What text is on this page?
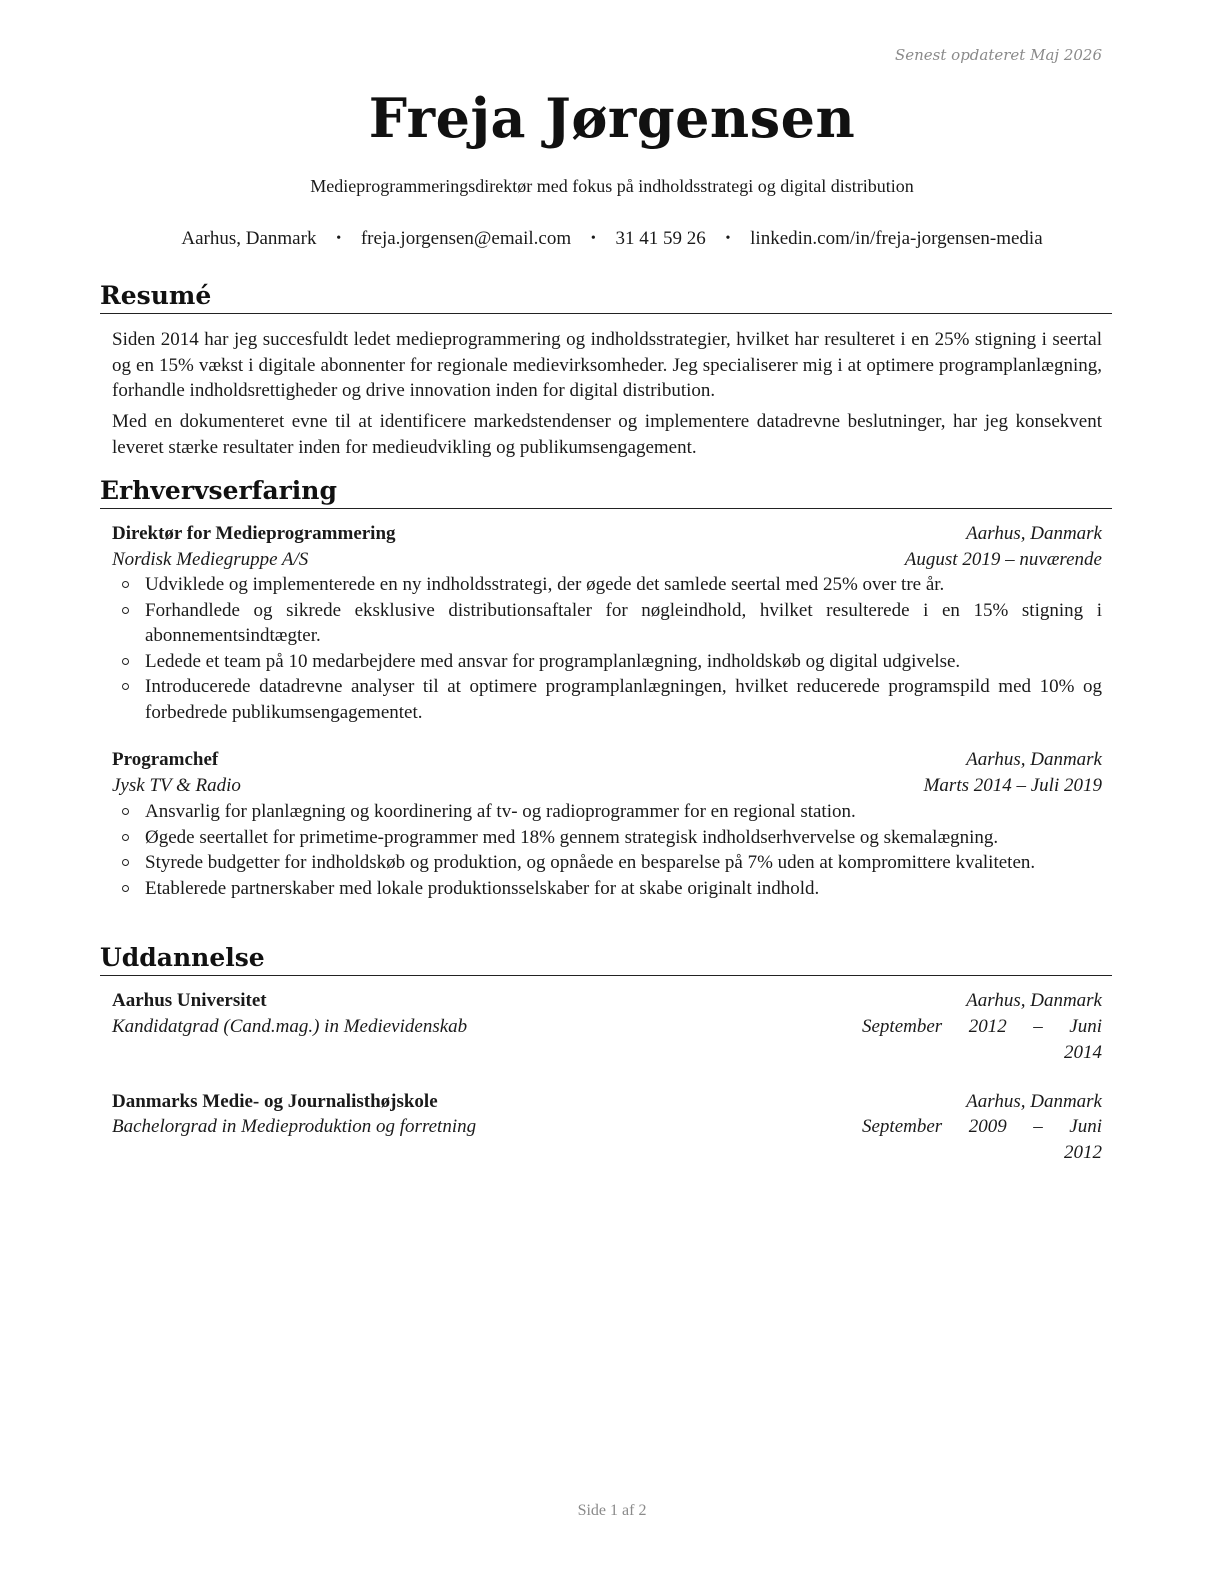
Senest opdateret Maj 2026
Freja Jørgensen
Medieprogrammeringsdirektør med fokus på indholdsstrategi og digital distribution
Aarhus, Danmark • freja.jorgensen@email.com • 31 41 59 26 • linkedin.com/in/freja-jorgensen-media
Resumé

Siden 2014 har jeg succesfuldt ledet medieprogrammering og indholdsstrategier, hvilket har resulteret i en 25% stigning i seertal og en 15% vækst i digitale abonnenter for regionale medievirksomheder. Jeg specialiserer mig i at optimere programplanlægning, forhandle indholdsrettigheder og drive innovation inden for digital distribution.

Med en dokumenteret evne til at identificere markedstendenser og implementere datadrevne beslutninger, har jeg konsekvent leveret stærke resultater inden for medieudvikling og publikumsengagement.

Erhvervserfaring
Direktør for Medieprogrammering	Aarhus, Danmark
Nordisk Mediegruppe A/S	August 2019 – nuværende
Udviklede og implementerede en ny indholdsstrategi, der øgede det samlede seertal med 25% over tre år.
Forhandlede og sikrede eksklusive distributionsaftaler for nøgleindhold, hvilket resulterede i en 15% stigning i abonnementsindtægter.
Ledede et team på 10 medarbejdere med ansvar for programplanlægning, indholdskøb og digital udgivelse.
Introducerede datadrevne analyser til at optimere programplanlægningen, hvilket reducerede programspild med 10% og forbedrede publikumsengagementet.
Programchef	Aarhus, Danmark
Jysk TV & Radio	Marts 2014 – Juli 2019
Ansvarlig for planlægning og koordinering af tv- og radioprogrammer for en regional station.
Øgede seertallet for primetime-programmer med 18% gennem strategisk indholdserhvervelse og skemalægning.
Styrede budgetter for indholdskøb og produktion, og opnåede en besparelse på 7% uden at kompromittere kvaliteten.
Etablerede partnerskaber med lokale produktionsselskaber for at skabe originalt indhold.
Uddannelse
Aarhus Universitet	Aarhus, Danmark
Kandidatgrad (Cand.mag.) in Medievidenskab	September 2012 – Juni
2014
Danmarks Medie- og Journalisthøjskole	Aarhus, Danmark
Bachelorgrad in Medieproduktion og forretning	September 2009 – Juni
2012
Side 1 af 2
